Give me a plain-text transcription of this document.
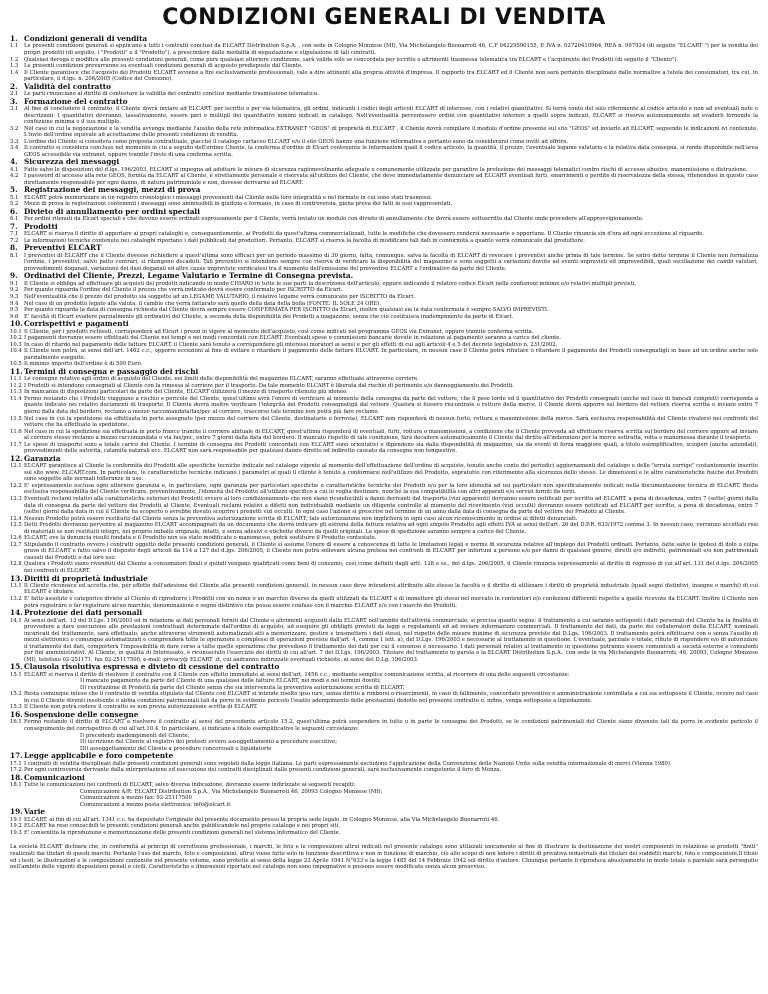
CONDIZIONI GENERALI DI VENDITA
1. Condizioni generali di vendita
1.1	Le presenti condizioni generali si applicano a tutti i contratti conclusi da ELCART Distribution S.p.A. , con sede in Cologno Monzese (MI), Via Michelangelo Buonarroti 46, C.F 04229590155, P. IVA n. 02720410964, REA n. 997924 (di seguito "ELCART ") per la vendita dei propri prodotti (di seguito, i "Prodotti" o il "Prodotto"), a prescindere dalle modalità di negoziazione e stipulazione di tali contratti.
1.2	Qualsiasi deroga o modifica alle presenti condizioni generali, come pure qualsiasi ulteriore condizione, sarà valida solo se concordata per iscritto o altrimenti trasmessa telematica tra ELCART e l'acquirente dei Prodotti (di seguito il "Cliente").
1.3	Le presenti condizioni prevarranno su eventuali condizioni generali di acquisto predisposte dal Cliente.
1.4	Il Cliente garantisce che l'acquisto dei Prodotti ELCART avviene a fini esclusivamente professionali, vale a dire attinenti alla propria attività d'impresa. Il rapporto tra ELCART ed il Cliente non sarà pertanto disciplinato dalle normative a tutela dei consumatori, tra cui, in particolare, il d.lgs. n. 206/2005 (Codice del Consumo).
2. Validità del contratto
2.1	Le parti rinunciano al diritto di contestare la validità dei contratti conclusi mediante trasmissione telematica.
3. Formazione del contratto
3.1	Al fine di concludere il contratto, il Cliente dovrà inviare ad ELCART, per iscritto o per via telematica, gli ordini, indicanti i codici degli articoli ELCART di interesse, con i relativi quantitativi. Si terrà conto del solo riferimento al codice articolo e non ad eventuali note o descrizioni. I quantitativi dovranno, tassativamente, essere pari o multipli dei quantitativi minimi indicati in catalogo. Nell'eventualità pervenissero ordini con quantitativi inferiori a quelli sopra indicati, ELCART si riserva autonomamente ad evaderli fornendo la confezione minima o il suo multiplo.
3.2	Nel caso in cui la negoziazione e la vendita avvenga mediante l'ausilio della rete informatica EXTRANET "GEOS" di proprietà di ELCART , il Cliente dovrà compilare il modulo d'ordine presente sul sito "GEOS" ed inviarlo ad ELCART, seguendo le indicazioni ivi contenute. L'invio dell'ordine equivale ad accettazione delle presenti condizioni di vendita.
3.3	L'ordine del Cliente si considera come proposta contrattuale, giacché il catalogo cartaceo ELCART e/o il sito GEOS hanno una funzione informativa e pertanto sono da considerarsi come inviti ad offrire.
3.4	Il contratto si considera concluso nel momento in cui a seguito dell'ordine Cliente, la conferma d'ordine di Elcart contenente le informazioni quali il codice articolo, la quantità, il prezzo, l'eventuale legame valutario e la relativa data consegna, si rende disponibile nell'area GEOS accessibile via extranet, oppure tramite l'invio di una conferma scritta.
4. Sicurezza dei messaggi
4.1	Fatte salve le disposizioni del d.lgs. 196/2003, ELCART si impegna ad adottare le misure di sicurezza ragionevolmente adeguate e comunemente utilizzate per garantire la protezione dei messaggi telematici contro rischi di accesso abusivo, manomissione e distruzione.
4.2	I password di accesso alla rete GEOS, fornita da ELCART al Cliente, è strettamente personale e riservata all'utilizzo del Cliente, che deve immediatamente denunciare ad ELCART eventuali furti, smarrimenti o perdite di riservatezza della stessa, ritenendosi in questo caso direttamente responsabile per ogni danno, di natura patrimoniale e non, dovesse derivarne ad ELCART.
5. Registrazione dei messaggi, mezzi di prova
5.1	ELCART potrà memorizzare in un registro cronologico i messaggi provenienti dal Cliente nella loro integralità e nel formato in cui sono stati trasmessi.
5.2	Mezzi di prova le registrazioni contenenti i messaggi sono ammissibili in giudizio e formano, in caso di controversia, piena prova dei fatti in essi rappresentati.
6. Divieto di annullamento per ordini speciali
6.1	Per ordini ritenuti da Elcart speciali e che devono essere ordinati espressamente per il Cliente, verrà inviato un modulo con divieto di annullamento che dovrà essere sottoscritto dal Cliente onde procedere all'approvvigionamento.
7. Prodotti
7.1	ELCART si riserva il diritto di apportare ai propri cataloghi e, conseguentemente, ai Prodotti da quest'ultima commercializzati, tutte le modifiche che dovessero rendersi necessarie o opportune. Il Cliente rinuncia sin d'ora ad ogni eccezione al riguardo.
7.2	Le informazioni tecniche contenute nei cataloghi riportano i dati pubblicati dai produttori. Pertanto, ELCART si riserva la facoltà di modificare tali dati in conformità a quanto verrà comunicato dal produttore.
8. Preventivi ELCART
8.1	I preventivi di ELCART che il Cliente dovesse richiedere a quest'ultima sono efficaci per un periodo massimo di 30 giorni, fatta, comunque, salva la facoltà di ELCART di revocare i preventivi anche prima di tale termine. Se entro detto termine il Cliente non formalizza l'ordine, i preventivi, salvo patto contrari, si ritengono decaduti. Tali preventivi si intendono sempre con riserva di verificare la disponibilità del magazzino e sono soggetti a variazioni dovute ad eventi imprevisti ed imprevedibili, quali oscillazione dei cambi valutari, provvedimenti doganali, variazione dei dazi doganali ed altre cause impreviste verificatesi tra il momento dell'emissione del preventivo ELCART e l'ordinativo da parte del Cliente.
9. Ordinativi del Cliente, Prezzi, Legame Valutario e Termine di Consegna prevista.
9.1	Il Cliente si obbliga ad effettuare gli acquisti dei prodotti indicando in modo CHIARO in tutte le sue parti la descrizione dell'articolo, oppure indicando il relativo codice Elcart nelle confezioni minime e/o relativi multipli previsti.
9.2	Per quanto riguarda l'ordine del Cliente il prezzo che verrà indicato dovrà essere confermato per ISCRITTO da Elcart.
9.3	Nell'eventualità che il prezzo del prodotto sia soggetto ad un LEGAME VALUTARIO, il relativo legame verrà comunicato per ISCRITTO da Elcart.
9.4	Nel caso di un prodotto legato alla valuta, il cambio che verrà fatturato sarà quello della data della bolla (FONTE: IL SOLE 24 ORE).
9.5	Per quanto riguarda la data di consegna richiesta dal Cliente dovrà sempre essere CONFERMATA PER ISCRITTO da Elcart, inoltre qualsiasi sia la data confermata è sempre SALVO IMPREVISTI.
9.6	E' facoltà di Elcart evadere parzialmente gli ordinativi del Cliente, a seconda della disponibilità dei Prodotti a magazzino, senza che ciò costituisca inadempimento da parte di Elcart.
10. Corrispettivi e pagamenti
10.1 Il Cliente, per i prodotti richiesti, corrisponderà ad Elcart i prezzi in vigore al momento dell'acquisto, così come indicati nel programma GEOS via Extranet, oppure tramite conferma scritta.
10.2 I pagamenti dovranno essere effettuati dal Cliente nei tempi e nei modi concordati con ELCART. Eventuali spese o commissioni bancarie dovute in relazione al pagamento saranno a carico del cliente.
10.3 In caso di ritardo nel pagamento delle fatture ELCART, il Cliente sarà tenuto a corrispondere gli interessi moratori ai sensi e per gli effetti di cui agli articoli 4 e 5 del decreto legislativo n. 231/2002.
10.4 Il Cliente non potrà, ai sensi dell'art. 1462 c.c., opporre eccezioni al fine di evitare o ritardare il pagamento delle fatture ELCART. In particolare, in nessun caso il Cliente potrà rifiutare o ritardare il pagamento dei Prodotti consegnatigli in base ad un ordine anche solo parzialmente eseguito.
10.5 Il minimo importo dell'ordine è di 500 Euro.
11. Termini di consegna e passaggio dei rischi
11.1 Le consegne relative agli ordini di acquisto del Cliente, nei limiti delle disponibilità del magazzino ELCART, saranno effettuate attraverso corriere.
11.2 I Prodotti si intendono consegnati al Cliente con la rimessa al corriere per il trasporto. Da tale momento ELCART è liberata dal rischio di perimento e/o danneggiamento dei Prodotti.
11.3 In mancanza di disposizioni particolari da parte del Cliente, ELCART utilizzerà il mezzo di trasporto ritenuto più idoneo.
11.4 Fermo restando che i Prodotti viaggiano a rischio e pericolo del Cliente, quest'ultimo avrà l'onere di verificare al momento della consegna da parte del vettore, che il peso lordo ed il quantitativo dei Prodotti consegnati (anche nel caso di bancali completi) corrisponda a quanto indicato nei relativi documenti di trasporto. Il Cliente dovrà inoltre verificare l'integrità dei Prodotti consegnatigli dal vettore. Qualora si fossero riscontrate o rotture della merce, il Cliente dovrà apporre sul bordero del vettore riserva scritta o inviare entro 7 giorni dalla data del bordero, reclamo a mezzo raccomandata/fax/pec al corriere, trascorso tale termine non potrà più fare reclamo.
11.5 Nel caso in cui la spedizione sia effettuata in porto assegnato (per mezzo del corriere del Cliente, destinatario o ferrovia), ELCART non risponderà di nessun furto, rottura e manomissione della merce. Sarà esclusiva responsabilità del Cliente rivalersi nei confronti del vettore che ha effettuato la spedizione.
11.6 Nel caso in cui la spedizione sia effettuata in porto franco tramite il corriere abituale di ELCART, quest'ultima risponderà di eventuali, furti, rotture o manomissioni, a condizione che il Cliente provveda ad effettuare riserva scritta sul bordero del corriere oppure ad inviare al corriere stesso reclamo a mezzo raccomandata o via fax/pec, entro 7 giorni dalla data del bordero. Il mancato rispetto di tale condizione, farà decadere automaticamente il Cliente dal diritto all'indennizzo per la merce sottratta, rotta o manomessa durante il trasporto.
11.7 Le spese di trasporto sono a totale carico del Cliente. I termini di consegna dei Prodotti concordati con ELCART sono orientativi e dipendono sia dalla disponibilità di magazzino, sia da eventi di forza maggiore quali, a titolo esemplificativo, scioperi (anche aziendali), provvedimenti delle autorità, calamità naturali ecc. ELCART non sarà responsabile per qualsiasi danno diretto od indiretto causato da consegne non tempestive.
12. Garanzia
12.1 ELCART garantisce al Cliente la conformità dei Prodotti alle specifiche tecniche indicate nel catalogo vigente al momento dell'effettuazione dell'ordine di acquisto, tenuto anche conto dei periodici aggiornamenti del catalogo e delle "errata corrige" costantemente inserite sul sito www. ELCART.com. In particolare, le caratteristiche tecniche indicano i parametri ai quali il cliente è tenuto a conformarsi nell'utilizzo del Prodotto, sopratutto con riferimento alla sicurezza dello stesso. Le dimensioni e le altre caratteristiche fisiche dei Prodotti sono soggette alle normali tolleranze in uso.
12.2 E' espressamente esclusa ogni ulteriore garanzia e, in particolare, ogni garanzia per particolari specifiche o caratteristiche tecniche dei Prodotti e/o per la loro idoneità ad usi particolari non specificatamente indicati nella documentazione tecnica di ELCART. Resta esclusiva responsabilità del Cliente verificare, preventivamente, l'idoneità del Prodotto all'utilizzo specifico a cui lo voglia destinare, nonché la sua compatibilità con altri apparati e/o servizi forniti da terzi.
12.3 Eventuali reclami relativi alle caratteristiche esteriori dei Prodotti ovvero al loro condizionamento che non siano riconducibili a danni derivanti dal trasporto (vizi apparenti) dovranno essere notificati per iscritto ad ELCART, a pena di decadenza, entro 7 (sette) giorni dalla data di consegna da parte del vettore dei Prodotti al Cliente. Eventuali reclami relativi a difetti non individuabili mediante un diligente controllo al momento del ricevimento (vizi occulti) dovranno essere notificati ad ELCART per iscritto, a pena di decadenza, entro 7 (sette) giorni dalla data in cui il Cliente ha scoperto o avrebbe dovuto scoprire i predetti vizi occulti. In ogni caso l'azione si prescrive nel termine di un anno dalla data di consegna da parte del vettore dei Prodotti al Cliente.
12.4 Nessun Prodotto potrà essere restituito dal Cliente senza la preventiva autorizzazione scritta di ELCART; tale autorizzazione non implicherà in ogni caso alcun riconoscimento in ordine ai difetti denunciati.
12.5 Detti Prodotti dovranno pervenire al magazzino ELCART accompagnati da un documento che dovrà indicare gli estremi della fattura relativa ad ogni singolo Prodotto agli effetti IVA ai sensi dell'art. 26 del D.P.R. 633/1972 comma 3. In nessun caso, verranno accettati resi di materiali se non restituiti integri, nel proprio imballo originale, intatti, e senza adesivi o etichette diversi da quelli originali. Le spese di spedizione saranno sempre a carico del Cliente.
12.6 ELCART, ove la denuncia risulti fondata e il Prodotto non sia stato modificato o manomesso, potrà sostituire il Prodotto contestato.
12.7 Stipulando il contratto ovvero i contratti oggetto delle presenti condizioni generali, il Cliente si assume l'onere di essere a conoscenza di tutte le limitazioni legali e norme di sicurezza relative all'impiego dei Prodotti ordinati. Pertanto, fatte salve le ipotesi di dolo o colpa grave di ELCART e fatto salvo il disposto degli articoli da 114 a 127 del d.lgs. 206/2005, il Cliente non potrà sollevare alcuna pretesa nei confronti di ELCART per infortuni a persone e/o per danni di qualsiasi genere, diretti e/o indiretti, patrimoniali e/o non patrimoniali causati dai Prodotti o dal loro uso.
12.8 Qualora i Prodotti siano rivenduti dal Cliente a consumatori finali e quindi vengano qualificati come beni di consumo, così come definiti dagli artt. 128 e ss., del d.lgs. 206/2005, il Cliente rinuncia espressamente al diritto di regresso di cui all'art. 131 del d.lgs. 206/2005 nei confronti di ELCART.
13. Diritti di proprietà industriale
13.1 Il Cliente riconosce ed accetta che, per effetto dell'adesione del Cliente alle presenti condizioni generali, in nessun caso deve intendersi attribuito allo stesso la facoltà o il diritto di utilizzare i diritti di proprietà industriale (quali segni distintivi, insegne o marchi) di cui ELCART è titolare.
13.2 E' fatto assoluto e categorico divieto al Cliente di riprodurre i Prodotti con un nome o un marchio diverso da quelli utilizzati da ELCART o di immettere gli stessi nel mercato in contenitori e/o confezioni differenti rispetto a quelle ricevute da ELCART. Inoltre il Cliente non potrà registrare o far registrare alcun marchio, denominazione o segno distintivo che possa essere confuso con il marchio ELCART e/o con i marchi dei Prodotti.
14. Protezione dei dati personali
14.1 Ai sensi dell'art. 13 del D.Lgs. 196/2003 ed in relazione ai dati personali forniti dal Cliente e altrimenti acquisiti dalla ELCART nell'ambito dell'attività commerciale, si precisa quanto segue: il trattamento a cui saranno sottoposti i dati personali del Cliente ha la finalità di provvedere a dare esecuzione alle prestazioni contrattuali determinate dall'ordine di acquisto, ad eseguire gli obblighi previsti da leggi o regolamenti ed ad inviare informazioni commerciali. Il trattamento dei dati, da parte dei collaboratori della ELCART, nominati incaricati del trattamento, sarà effettuato, anche attraverso strumenti automatizzati atti a memorizzare, gestire e trasmettere i dati stessi, nel rispetto delle misure minime di sicurezza previste dal D.Lgs. 196/2003. Il trattamento potrà effettuarsi con o senza l'ausilio di mezzi elettronici o comunque automatizzati e comprenderà tutte le operazioni o complessi di operazioni previste dall'art. 4, comma 1 lett. a), del D.Lgs. 196/2003 e necessarie al trattamento in questione. L'eventuale, parziale o totale, rifiuto di rispondere e/o di autorizzare il trattamento dei dati, comporterà l'impossibilità di dare corso a tutte quelle operazione che prevedono il trattamento dei dati per cui il consenso è necessario. I dati personali relativi al trattamento in questione potranno essere comunicati a società esterne e consulenti per fini amministrativi. Al Cliente, in qualità di Interessato, è riconosciuto l'esercizio dei diritti di cui all'art. 7 del D.Lgs. 196/2003. Titolare del trattamento in parola è la ELCART Distribution S.p.A., con sede in via Michelangelo Buonarroti, 46, 20093, Cologno Monzese (MI), telefono 02-251171, fax 02-25117500, e-mail: privacy@ ELCART .it, cui andranno indirizzate eventuali richieste, ai sensi del D.Lg. 196/2003.
15. Clausola risolutiva espressa e divieto di cessione del contratto
15.1 ELCART si riserva il diritto di risolvere il contratto con il Cliente con effetto immediato ai sensi dell'art. 1456 c.c., mediante semplice comunicazione scritta, al ricorrere di una delle seguenti circostanze:
I) mancato pagamento da parte del Cliente di una qualsiasi delle fatture ELCART, nei modi e nei termini dovuti;
II) restituzione di Prodotti da parte del Cliente senza che sia intervenuta la preventiva autorizzazione scritta di ELCART;
15.2 Resta comunque inteso che il contratto di vendita stipulato dal Cliente con ELCART si intende risolto ipso iure, senza diritto a rimborsi o risarcimenti, in caso di fallimento, concordato preventivo e amministrazione controllata a cui sia sottoposto il Cliente, ovvero nel caso in cui il Cliente diventi insolvente o abbia condizioni patrimoniali tali da porre in evidente pericolo l'esatto adempimento delle prestazioni dedotte nel presente contratto o, infine, venga sottoposto a liquidazione.
15.3 Il Cliente non potrà cedere il contratto se non previa autorizzazione scritta di ELCART.
16. Sospensione delle consegne
16.1 Fermo restando il diritto di ELCART a risolvere il contratto ai sensi del precedente articolo 15.2, quest'ultima potrà sospendere in tutto o in parte le consegne dei Prodotti, se le condizioni patrimoniali del Cliente siano divenute tali da porre in evidente pericolo il conseguimento del corrispettivo di cui all'art.10.4. In particolare, si indicano a titolo esemplificativo le seguenti circostanze:
I) precedenti inadempimenti del Cliente;
II) iscrizione del Cliente al registro dei protesti ovvero assoggettamento a procedure esecutive;
III) assoggettamento del Cliente a procedure concorsuali o liquidatorie
17. Legge applicabile e foro competente
17.1 I contratti di vendita disciplinati dalle presenti condizioni generali sono regolati dalla legge italiana. Le parti espressamente escludono l'applicazione della Convenzione delle Nazioni Unite sulla vendita internazionale di merci (Vienna 1980).
17.2 Per ogni controversia derivante dalla interpretazione ed esecuzione dei contratti disciplinati dalle presenti condizioni generali, sarà esclusivamente competente il foro di Monza.
18. Comunicazioni
18.1 Tutte le comunicazioni nei confronti di ELCART, salvo diversa indicazione, dovranno essere indirizzate ai seguenti recapiti:
Comunicazioni A/R: ELCART Distribution S.p.A., Via Michelangelo Buonarroti 46, 20093 Cologno Monzese (MI);
Comunicazioni a mezzo fax: 02-25117500
Comunicazioni a mezzo posta elettronica: info@elcart.it
19. Varie
19.1 ELCART, ai fini di cui all'art. 1341 c.c. ha depositato l'originale del presente documento presso la propria sede legale, in Cologno Monzese, alla Via Michelangelo Buonarroti 46.
19.2 ELCART ha reso conoscibili le presenti condizioni generali anche pubblicandole nel proprio catalogo e nei propri siti.
19.3 E' consentita la riproduzione e memorizzazione delle presenti condizioni generali nel sistema informatico del Cliente.
La società ELCART dichiara che, in conformità ai principi di correttezza professionale, i marchi, le foto e le composizioni altrui indicati nel presente catalogo sono utilizzati unicamente al fine di illustrare la destinazione dei nostri componenti in relazione ai prodotti "finiti" realizzati dai titolari di questi marchi. Pertanto l'uso dei marchi, foto e composizioni, altrui viene fatto solo in funzione descrittiva e non in funzione di marchio, ciò allo scopo di non ledere i diritti di privativa industriale dei titolari dei suddetti marchi, foto e composizioni.Il titolo ed i testi, le illustrazioni e le composizioni contenute nel presente volume, sono protette ai sensi della legge 22 Aprile 1941 N°633 e la legge 1485 del 14 Febbraio 1942 sul diritto d'autore. Chiunque pertanto li riproduca abusivamente in modo totale o parziale sarà perseguito nell'ambito delle vigenti disposizioni penali e civili. Caratteristiche e dimensioni riportate nel catalogo non sono impegnative e possono essere modificate senza alcun preavviso.
